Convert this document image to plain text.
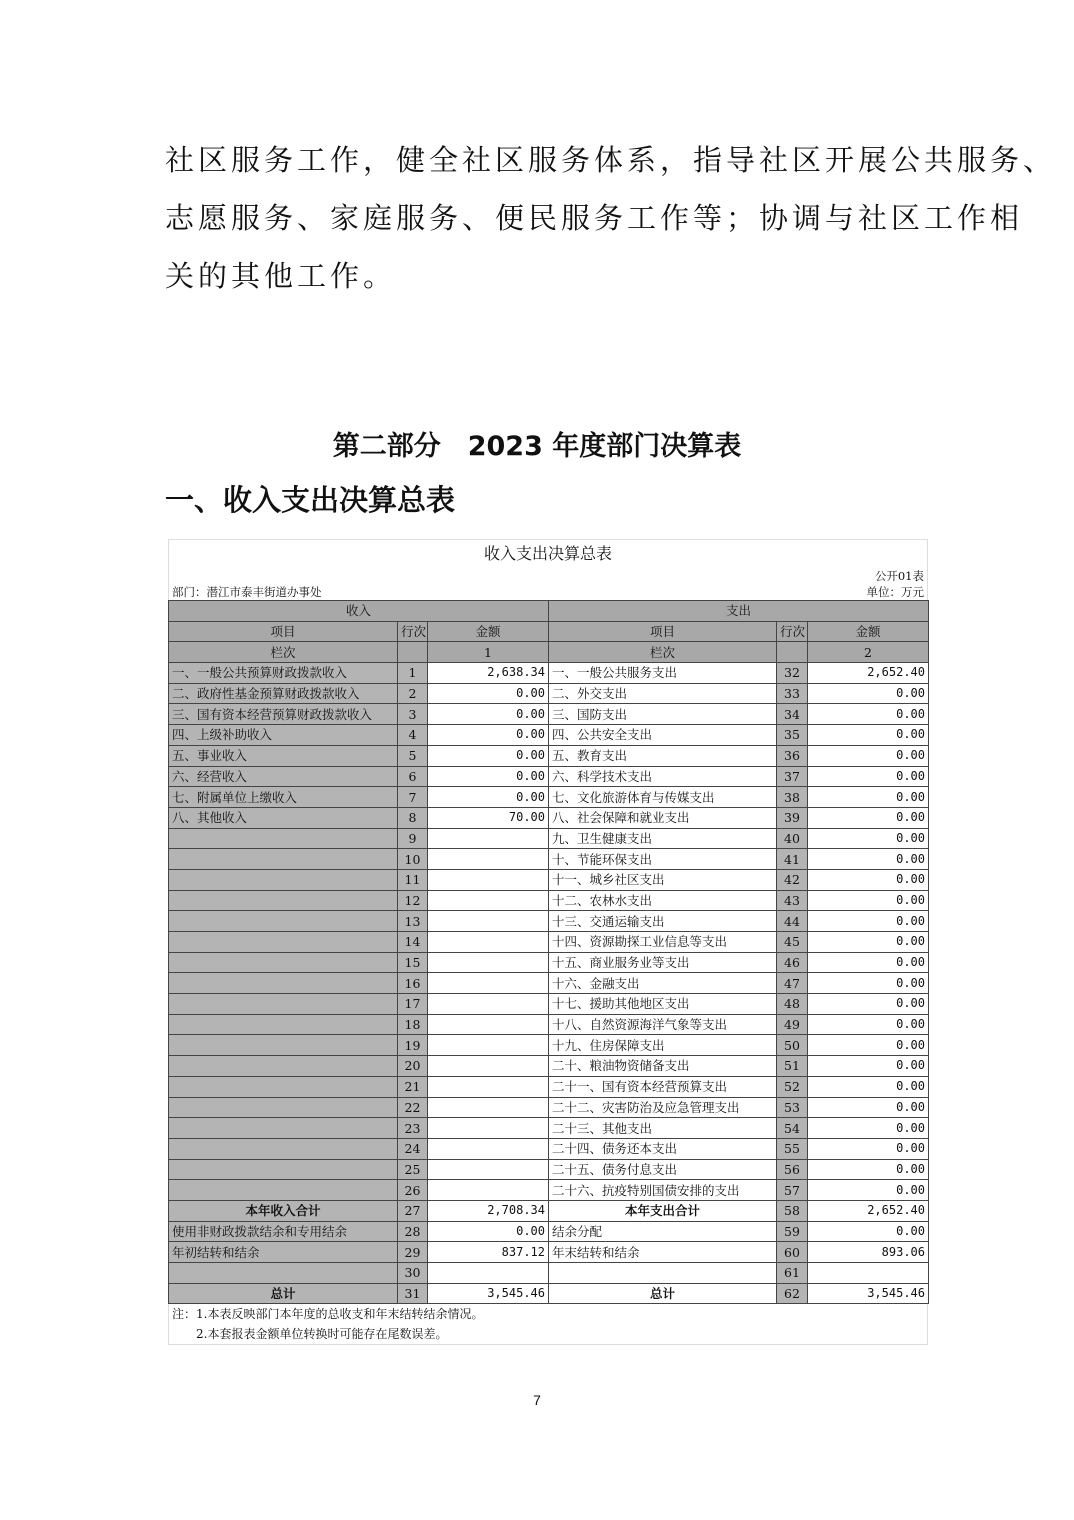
社区服务工作，健全社区服务体系，指导社区开展公共服务、
志愿服务、家庭服务、便民服务工作等；协调与社区工作相
关的其他工作。
第二部分　2023 年度部门决算表
一、收入支出决算总表
收入支出决算总表
公开01表
部门：潜江市泰丰街道办事处	单位：万元
收入			支出		
项目	行次	金额	项目	行次	金额
栏次		1	栏次		2
一、一般公共预算财政拨款收入	1	2,638.34	一、一般公共服务支出	32	2,652.40
二、政府性基金预算财政拨款收入	2	0.00	二、外交支出	33	0.00
三、国有资本经营预算财政拨款收入	3	0.00	三、国防支出	34	0.00
四、上级补助收入	4	0.00	四、公共安全支出	35	0.00
五、事业收入	5	0.00	五、教育支出	36	0.00
六、经营收入	6	0.00	六、科学技术支出	37	0.00
七、附属单位上缴收入	7	0.00	七、文化旅游体育与传媒支出	38	0.00
八、其他收入	8	70.00	八、社会保障和就业支出	39	0.00
	9		九、卫生健康支出	40	0.00
	10		十、节能环保支出	41	0.00
	11		十一、城乡社区支出	42	0.00
	12		十二、农林水支出	43	0.00
	13		十三、交通运输支出	44	0.00
	14		十四、资源勘探工业信息等支出	45	0.00
	15		十五、商业服务业等支出	46	0.00
	16		十六、金融支出	47	0.00
	17		十七、援助其他地区支出	48	0.00
	18		十八、自然资源海洋气象等支出	49	0.00
	19		十九、住房保障支出	50	0.00
	20		二十、粮油物资储备支出	51	0.00
	21		二十一、国有资本经营预算支出	52	0.00
	22		二十二、灾害防治及应急管理支出	53	0.00
	23		二十三、其他支出	54	0.00
	24		二十四、债务还本支出	55	0.00
	25		二十五、债务付息支出	56	0.00
	26		二十六、抗疫特别国债安排的支出	57	0.00
本年收入合计	27	2,708.34	本年支出合计	58	2,652.40
使用非财政拨款结余和专用结余	28	0.00	结余分配	59	0.00
年初结转和结余	29	837.12	年末结转和结余	60	893.06
	30			61	
总计	31	3,545.46	总计	62	3,545.46
注：1.本表反映部门本年度的总收支和年末结转结余情况。
　　2.本套报表金额单位转换时可能存在尾数误差。
7
